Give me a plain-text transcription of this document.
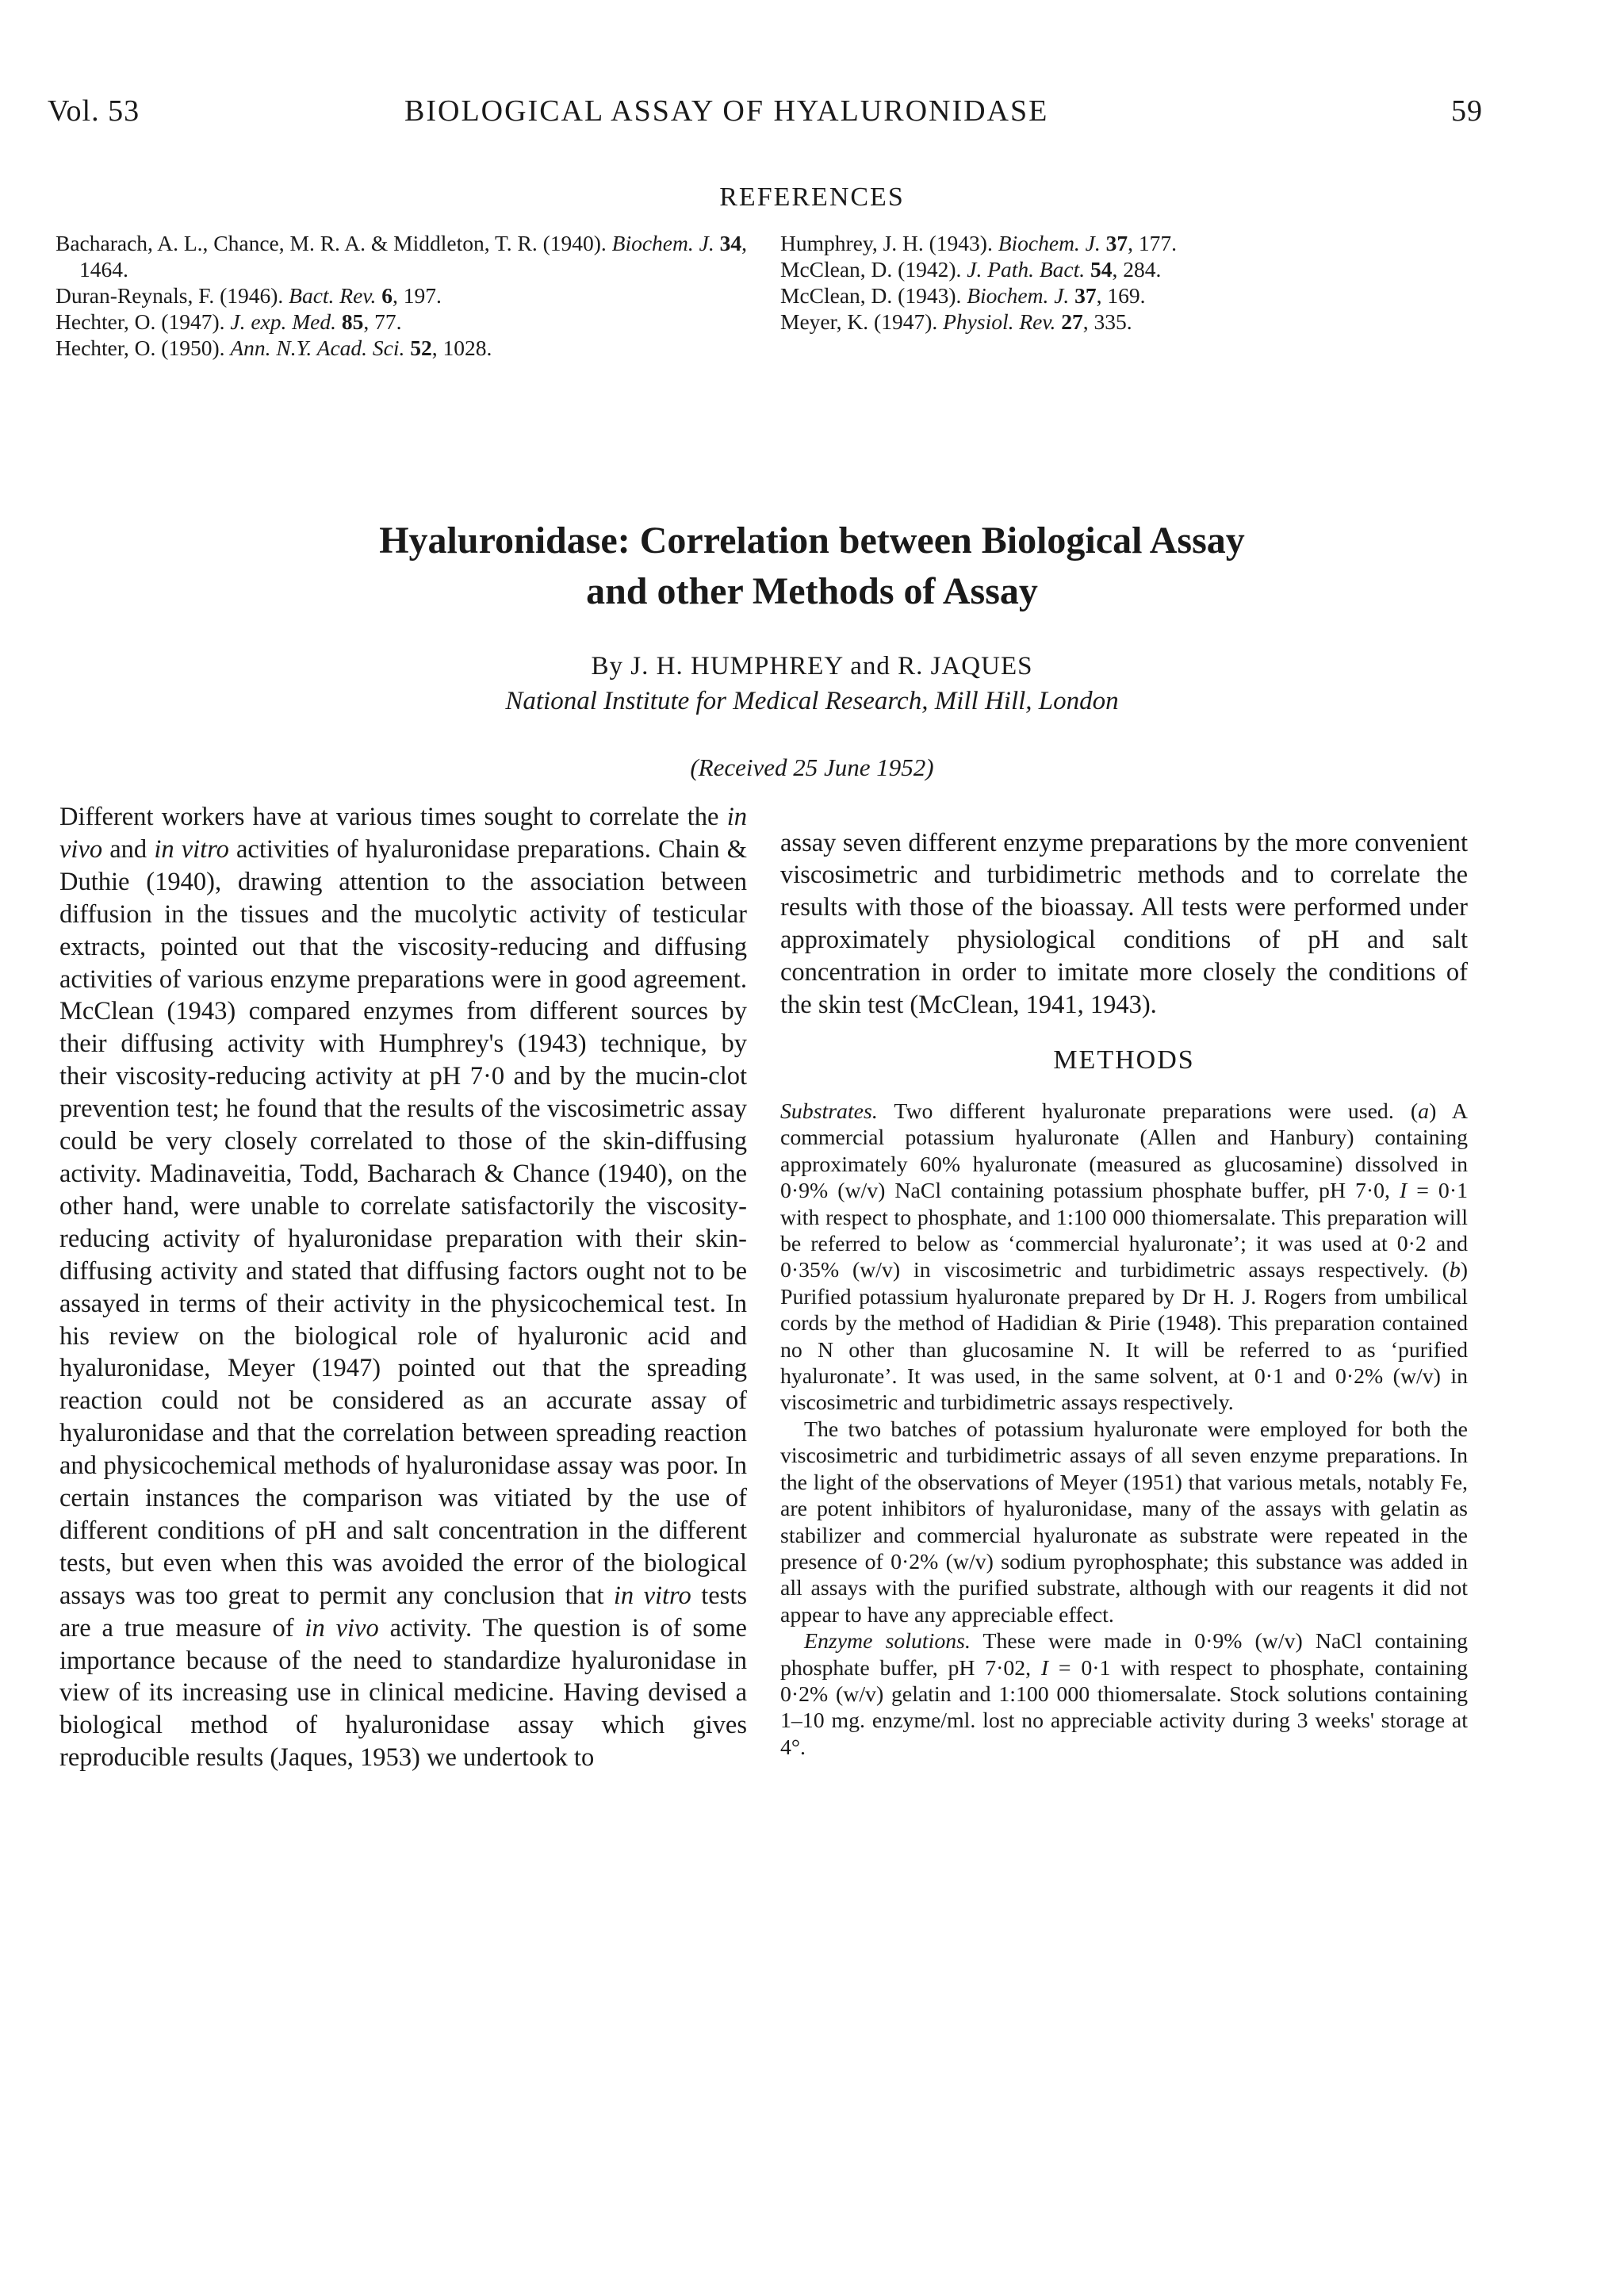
Vol. 53	BIOLOGICAL ASSAY OF HYALURONIDASE	59
REFERENCES

Bacharach, A. L., Chance, M. R. A. & Middleton, T. R. (1940). Biochem. J. 34, 1464.

Duran-Reynals, F. (1946). Bact. Rev. 6, 197.

Hechter, O. (1947). J. exp. Med. 85, 77.

Hechter, O. (1950). Ann. N.Y. Acad. Sci. 52, 1028.

Humphrey, J. H. (1943). Biochem. J. 37, 177.

McClean, D. (1942). J. Path. Bact. 54, 284.

McClean, D. (1943). Biochem. J. 37, 169.

Meyer, K. (1947). Physiol. Rev. 27, 335.

Hyaluronidase: Correlation between Biological Assay
and other Methods of Assay
By J. H. HUMPHREY and R. JAQUES
National Institute for Medical Research, Mill Hill, London
(Received 25 June 1952)

Different workers have at various times sought to correlate the in vivo and in vitro activities of hyaluronidase preparations. Chain & Duthie (1940), drawing attention to the association between diffusion in the tissues and the mucolytic activity of testicular extracts, pointed out that the viscosity-reducing and diffusing activities of various enzyme preparations were in good agreement. McClean (1943) compared enzymes from different sources by their diffusing activity with Humphrey's (1943) technique, by their viscosity-reducing activity at pH 7·0 and by the mucin-clot prevention test; he found that the results of the viscosimetric assay could be very closely correlated to those of the skin-diffusing activity. Madinaveitia, Todd, Bacharach & Chance (1940), on the other hand, were unable to correlate satisfactorily the viscosity-reducing activity of hyaluronidase preparation with their skin-diffusing activity and stated that diffusing factors ought not to be assayed in terms of their activity in the physicochemical test. In his review on the biological role of hyaluronic acid and hyaluronidase, Meyer (1947) pointed out that the spreading reaction could not be considered as an accurate assay of hyaluronidase and that the correlation between spreading reaction and physicochemical methods of hyaluronidase assay was poor. In certain instances the comparison was vitiated by the use of different conditions of pH and salt concentration in the different tests, but even when this was avoided the error of the biological assays was too great to permit any conclusion that in vitro tests are a true measure of in vivo activity. The question is of some importance because of the need to standardize hyaluronidase in view of its increasing use in clinical medicine. Having devised a biological method of hyaluronidase assay which gives reproducible results (Jaques, 1953) we undertook to

assay seven different enzyme preparations by the more convenient viscosimetric and turbidimetric methods and to correlate the results with those of the bioassay. All tests were performed under approximately physiological conditions of pH and salt concentration in order to imitate more closely the conditions of the skin test (McClean, 1941, 1943).

METHODS

Substrates. Two different hyaluronate preparations were used. (a) A commercial potassium hyaluronate (Allen and Hanbury) containing approximately 60% hyaluronate (measured as glucosamine) dissolved in 0·9% (w/v) NaCl containing potassium phosphate buffer, pH 7·0, I = 0·1 with respect to phosphate, and 1:100 000 thiomersalate. This preparation will be referred to below as ‘commercial hyaluronate’; it was used at 0·2 and 0·35% (w/v) in viscosimetric and turbidimetric assays respectively. (b) Purified potassium hyaluronate prepared by Dr H. J. Rogers from umbilical cords by the method of Hadidian & Pirie (1948). This preparation contained no N other than glucosamine N. It will be referred to as ‘purified hyaluronate’. It was used, in the same solvent, at 0·1 and 0·2% (w/v) in viscosimetric and turbidimetric assays respectively.

The two batches of potassium hyaluronate were employed for both the viscosimetric and turbidimetric assays of all seven enzyme preparations. In the light of the observations of Meyer (1951) that various metals, notably Fe, are potent inhibitors of hyaluronidase, many of the assays with gelatin as stabilizer and commercial hyaluronate as substrate were repeated in the presence of 0·2% (w/v) sodium pyrophosphate; this substance was added in all assays with the purified substrate, although with our reagents it did not appear to have any appreciable effect.

Enzyme solutions. These were made in 0·9% (w/v) NaCl containing phosphate buffer, pH 7·02, I = 0·1 with respect to phosphate, containing 0·2% (w/v) gelatin and 1:100 000 thiomersalate. Stock solutions containing 1–10 mg. enzyme/ml. lost no appreciable activity during 3 weeks' storage at 4°.
